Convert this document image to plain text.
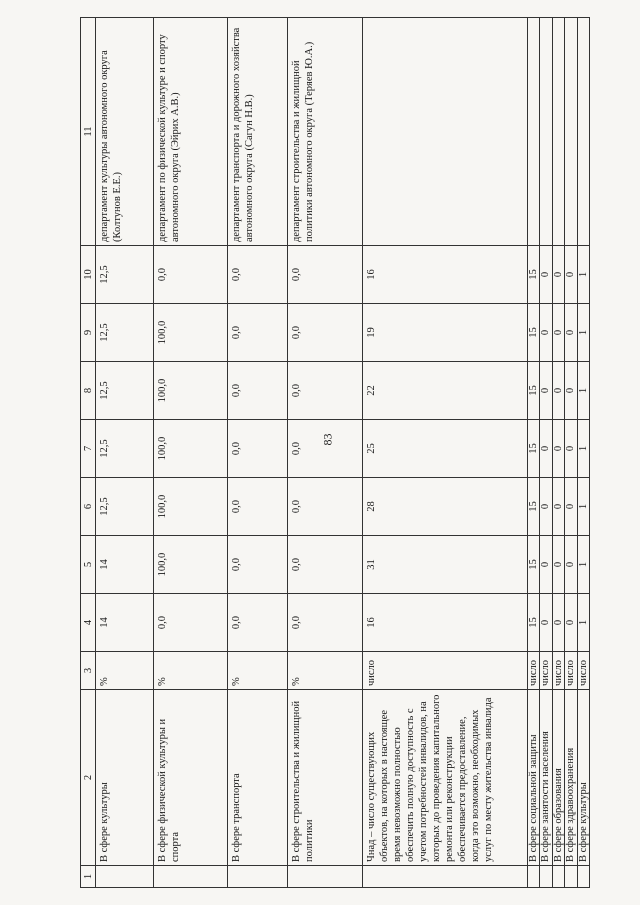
83
1	2	3	4	5	6	7	8	9	10	11
	В сфере культуры	%	14	14	12,5	12,5	12,5	12,5	12,5	департамент культуры автономного округа (Колтунов Е.Е.)
	В сфере физической культуры и спорта	%	0,0	100,0	100,0	100,0	100,0	100,0	0,0	департамент по физической культуре и спорту автономного округа (Эйрих А.В.)
	В сфере транспорта	%	0,0	0,0	0,0	0,0	0,0	0,0	0,0	департамент транспорта и дорожного хозяйства автономного округа (Сагун Н.В.)
	В сфере строительства и жилищной политики	%	0,0	0,0	0,0	0,0	0,0	0,0	0,0	департамент строительства и жилищной политики автономного округа (Теряев Ю.А.)
	Чнад – число существующих объектов, на которых в настоящее время невозможно полностью обеспечить полную доступность с учетом потребностей инвалидов, на которых до проведения капитального ремонта или реконструкции обеспечивается предоставление, когда это возможно, необходимых услуг по месту жительства инвалида	число	16	31	28	25	22	19	16	
	В сфере социальной защиты	число	15	15	15	15	15	15	15	
	В сфере занятости населения	число	0	0	0	0	0	0	0	
	В сфере образования	число	0	0	0	0	0	0	0	
	В сфере здравоохранения	число	0	0	0	0	0	0	0	
	В сфере культуры	число	1	1	1	1	1	1	1	
